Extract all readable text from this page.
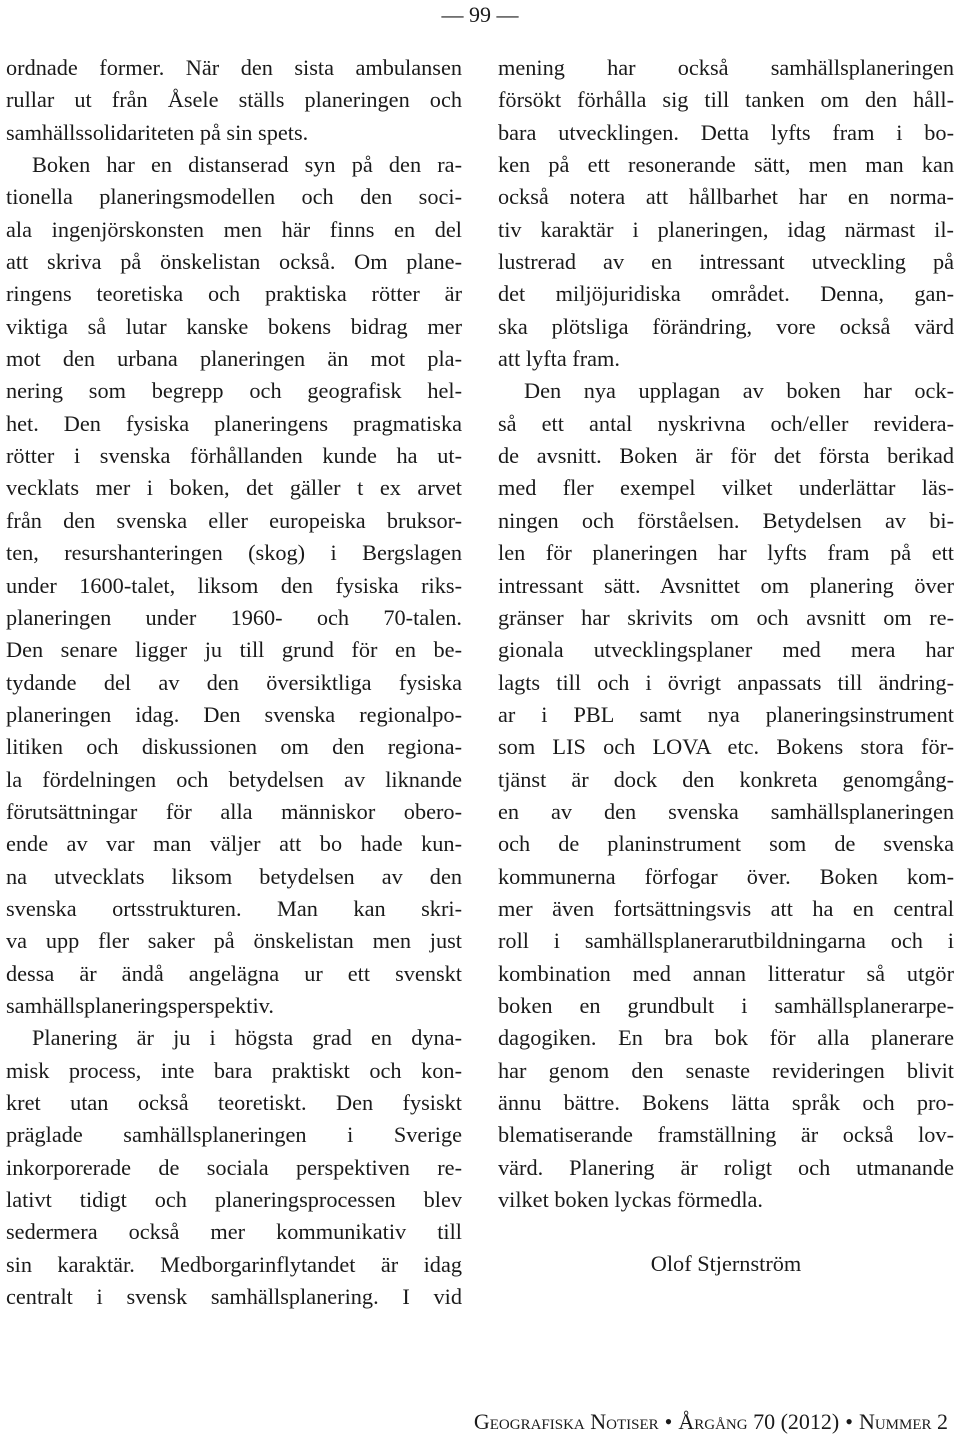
— 99 —
ordnade former. När den sista ambulansen
rullar ut från Åsele ställs planeringen och
samhällssolidariteten på sin spets.
Boken har en distanserad syn på den ra-
tionella planeringsmodellen och den soci-
ala ingenjörskonsten men här finns en del
att skriva på önskelistan också. Om plane-
ringens teoretiska och praktiska rötter är
viktiga så lutar kanske bokens bidrag mer
mot den urbana planeringen än mot pla-
nering som begrepp och geografisk hel-
het. Den fysiska planeringens pragmatiska
rötter i svenska förhållanden kunde ha ut-
vecklats mer i boken, det gäller t ex arvet
från den svenska eller europeiska bruksor-
ten, resurshanteringen (skog) i Bergslagen
under 1600-talet, liksom den fysiska riks-
planeringen under 1960- och 70-talen.
Den senare ligger ju till grund för en be-
tydande del av den översiktliga fysiska
planeringen idag. Den svenska regionalpo-
litiken och diskussionen om den regiona-
la fördelningen och betydelsen av liknande
förutsättningar för alla människor obero-
ende av var man väljer att bo hade kun-
na utvecklats liksom betydelsen av den
svenska ortsstrukturen. Man kan skri-
va upp fler saker på önskelistan men just
dessa är ändå angelägna ur ett svenskt
samhällsplaneringsperspektiv.
Planering är ju i högsta grad en dyna-
misk process, inte bara praktiskt och kon-
kret utan också teoretiskt. Den fysiskt
präglade samhällsplaneringen i Sverige
inkorporerade de sociala perspektiven re-
lativt tidigt och planeringsprocessen blev
sedermera också mer kommunikativ till
sin karaktär. Medborgarinflytandet är idag
centralt i svensk samhällsplanering. I vid
mening har också samhällsplaneringen
försökt förhålla sig till tanken om den håll-
bara utvecklingen. Detta lyfts fram i bo-
ken på ett resonerande sätt, men man kan
också notera att hållbarhet har en norma-
tiv karaktär i planeringen, idag närmast il-
lustrerad av en intressant utveckling på
det miljöjuridiska området. Denna, gan-
ska plötsliga förändring, vore också värd
att lyfta fram.
Den nya upplagan av boken har ock-
så ett antal nyskrivna och/eller reviderа-
de avsnitt. Boken är för det första berikad
med fler exempel vilket underlättar läs-
ningen och förståelsen. Betydelsen av bi-
len för planeringen har lyfts fram på ett
intressant sätt. Avsnittet om planering över
gränser har skrivits om och avsnitt om re-
gionala utvecklingsplaner med mera har
lagts till och i övrigt anpassats till ändring-
ar i PBL samt nya planeringsinstrument
som LIS och LOVA etc. Bokens stora för-
tjänst är dock den konkreta genomgång-
en av den svenska samhällsplaneringen
och de planinstrument som de svenska
kommunerna förfogar över. Boken kom-
mer även fortsättningsvis att ha en central
roll i samhällsplanerarutbildningarna och i
kombination med annan litteratur så utgör
boken en grundbult i samhällsplanerarpe-
dagogiken. En bra bok för alla planerare
har genom den senaste revideringen blivit
ännu bättre. Bokens lätta språk och pro-
blematiserande framställning är också lov-
värd. Planering är roligt och utmanande
vilket boken lyckas förmedla.
Olof Stjernström
Geografiska Notiser • Årgång 70 (2012) • Nummer 2
